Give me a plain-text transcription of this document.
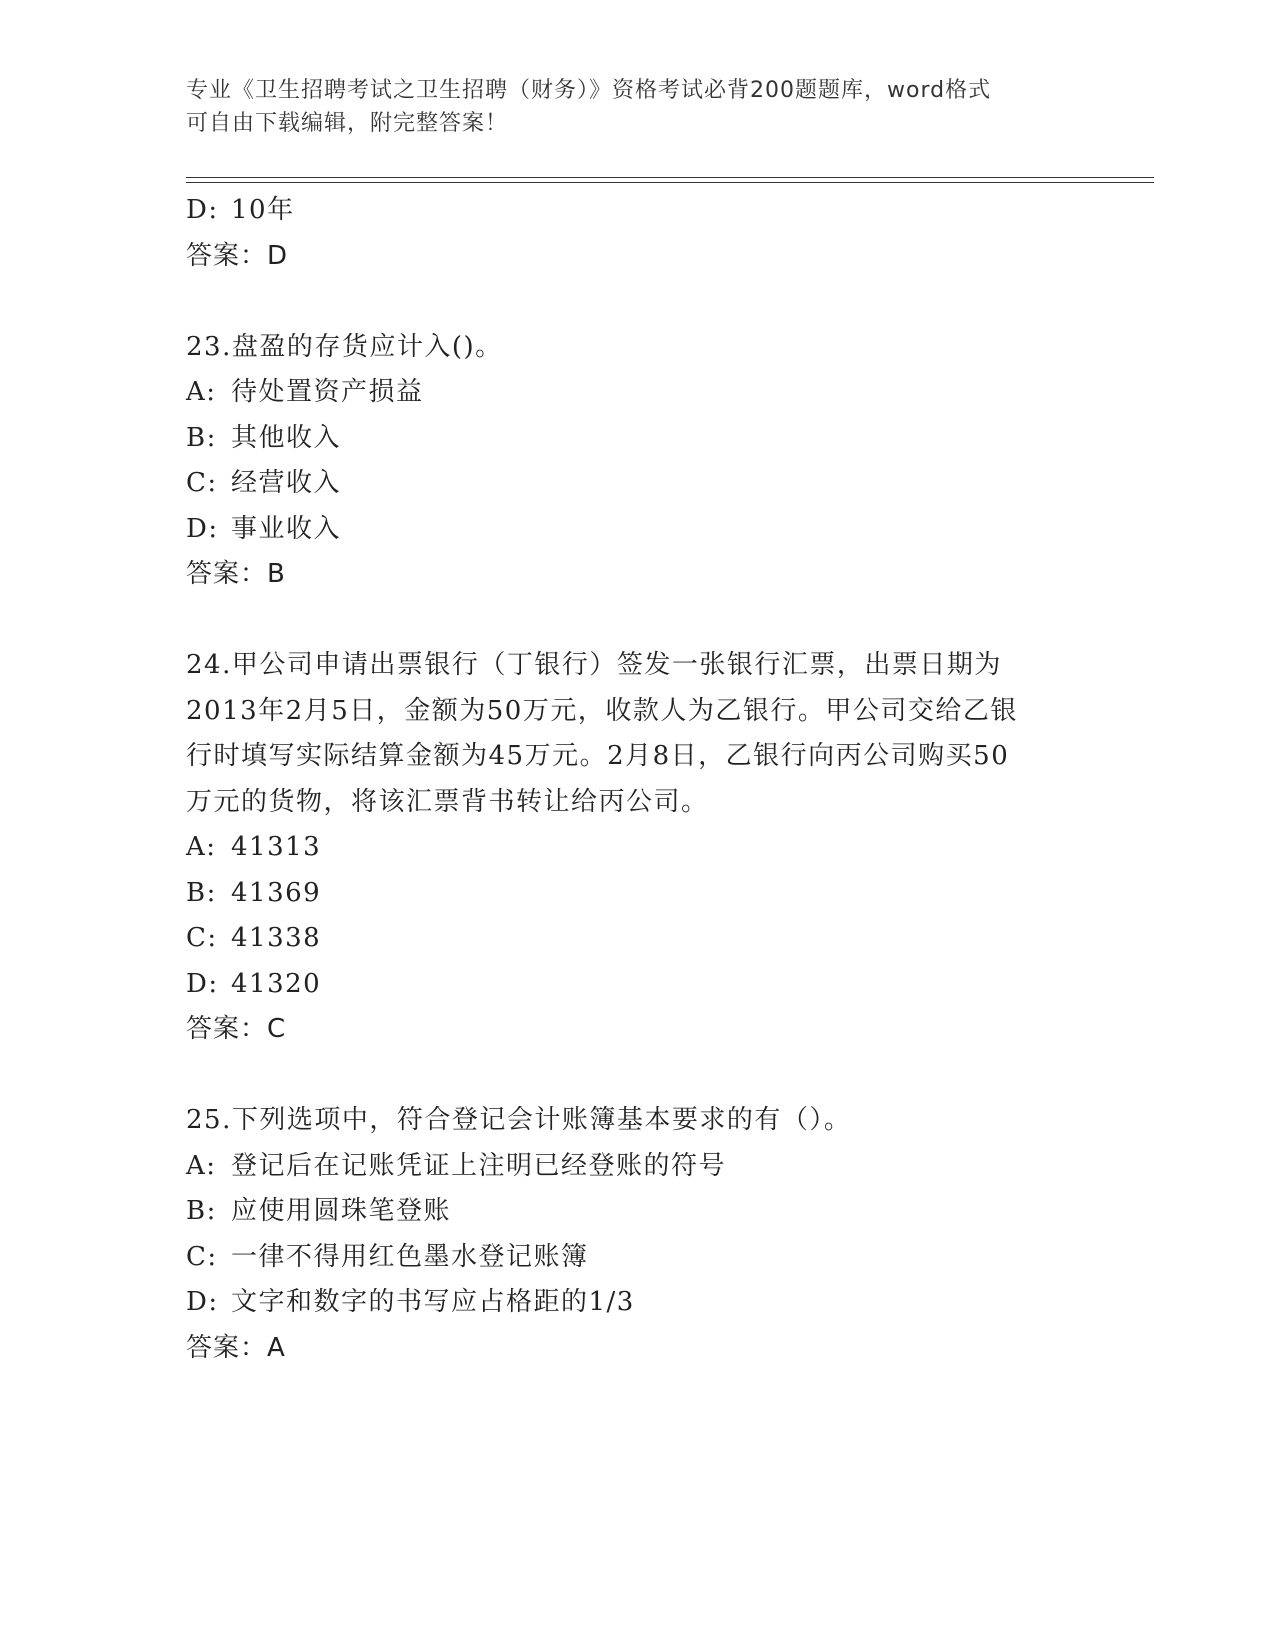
专业《卫生招聘考试之卫生招聘（财务）》资格考试必背200题题库，word格式
可自由下载编辑，附完整答案！
D: 10年
答案：D
23.盘盈的存货应计入()。
A: 待处置资产损益
B: 其他收入
C: 经营收入
D: 事业收入
答案：B
24.甲公司申请出票银行（丁银行）签发一张银行汇票，出票日期为
2013年2月5日，金额为50万元，收款人为乙银行。甲公司交给乙银
行时填写实际结算金额为45万元。2月8日，乙银行向丙公司购买50
万元的货物，将该汇票背书转让给丙公司。
A: 41313
B: 41369
C: 41338
D: 41320
答案：C
25.下列选项中，符合登记会计账簿基本要求的有（）。
A: 登记后在记账凭证上注明已经登账的符号
B: 应使用圆珠笔登账
C: 一律不得用红色墨水登记账簿
D: 文字和数字的书写应占格距的1/3
答案：A
